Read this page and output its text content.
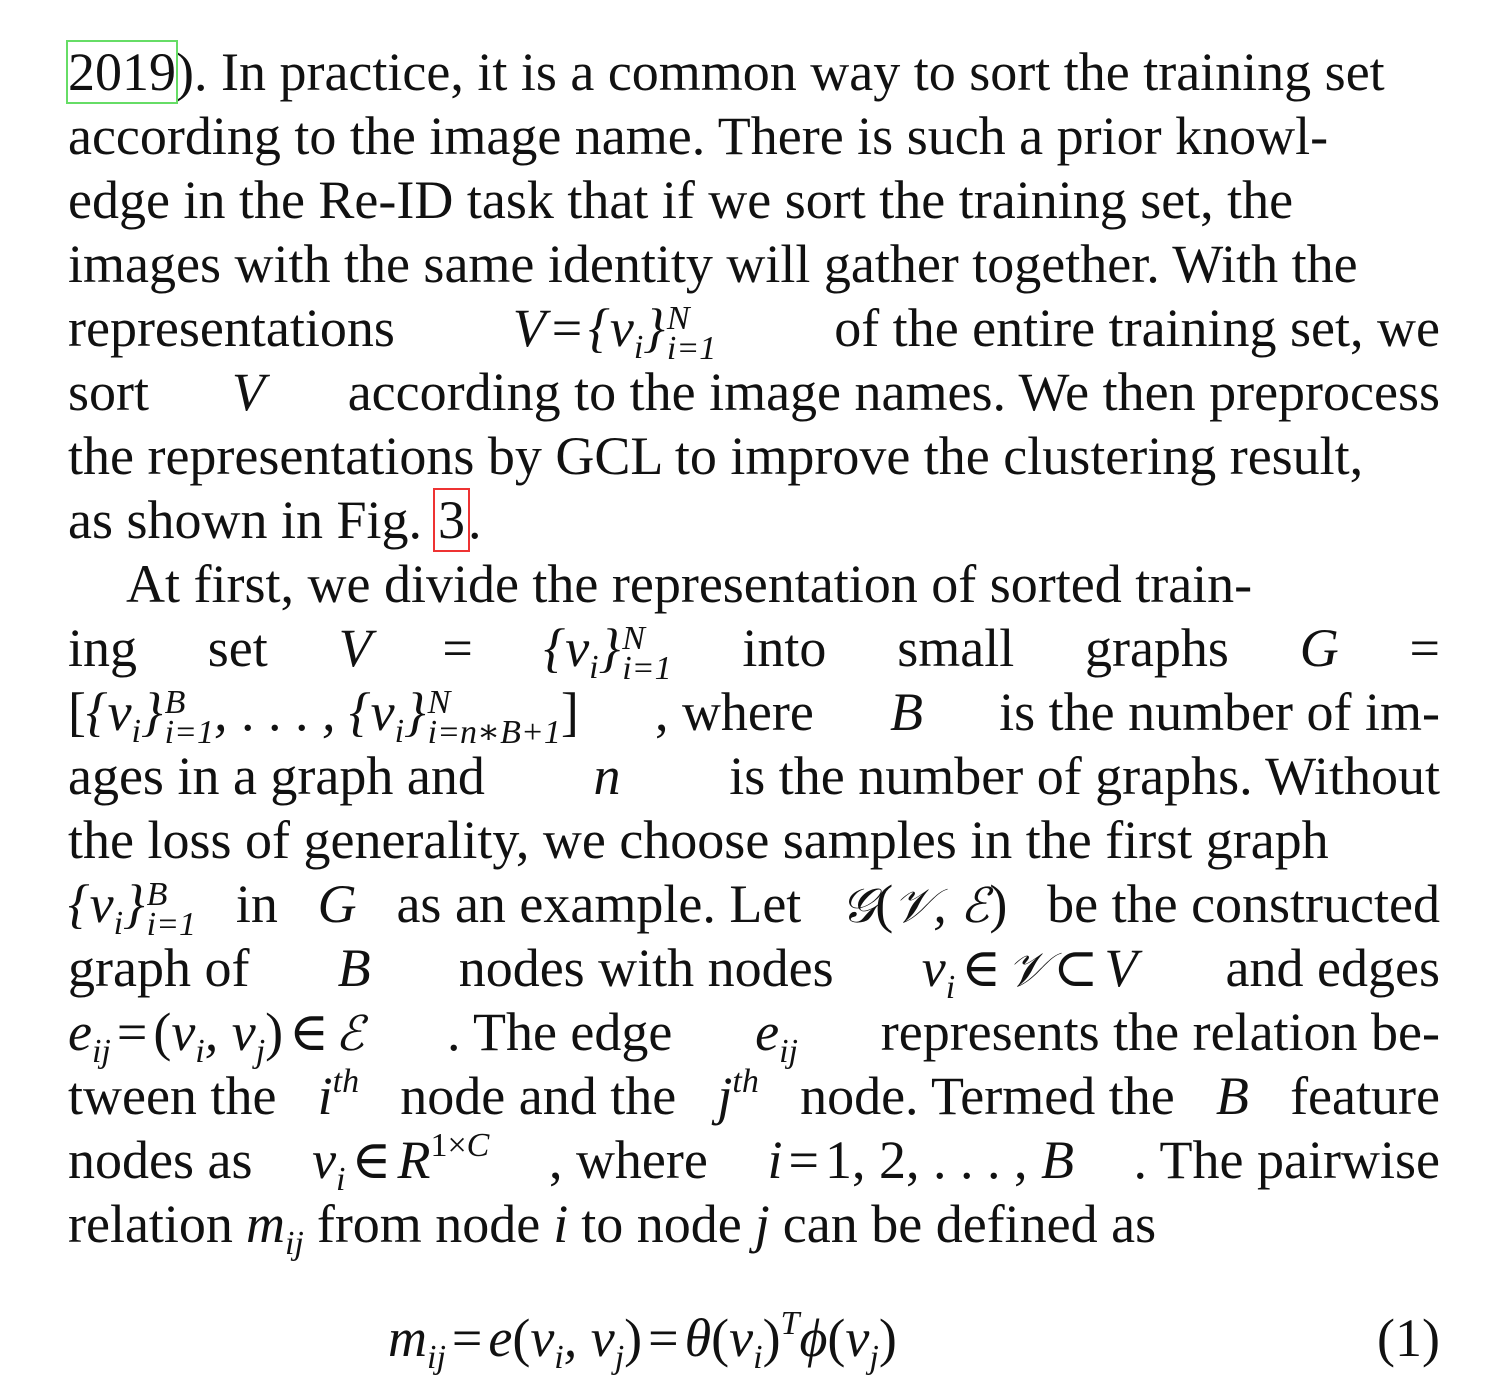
2019). In practice, it is a common way to sort the training set
according to the image name. There is such a prior knowl-
edge in the Re-ID task that if we sort the training set, the
images with the same identity will gather together. With the
representations $V = \{v_i\}$ N
i=1 of the entire training set, we
sort V according to the image names. We then preprocess
the representations by GCL to improve the clustering result,
as shown in Fig. 3.
At first, we divide the representation of sorted train-
ing set $V = \{v_i\}$ N
i=1 into small graphs G =
[$\{v_i\}$ B
i=1 , . . . , $\{v_i\}$ N
i=n∗B+1 ] , where B is the number of im-
ages in a graph and n is the number of graphs. Without
the loss of generality, we choose samples in the first graph
$\{v_i\}$ B
i=1 in G as an example. Let 𝒢(𝒱, ℰ) be the constructed
graph of B nodes with nodes $v_i$ ∈ 𝒱 ⊂ V and edges
$e_{ij} = (v_i$, $v_j$) ∈ ℰ . The edge $e_{ij}$ represents the relation be-
tween the $i^{th}$ node and the $j^{th}$ node. Termed the B feature
nodes as $v_i$ ∈ $R^{1\times C}$ , where i = 1, 2, . . . , B . The pairwise
relation $m_{ij}$ from node i to node j can be defined as
$m_{ij} = e(v_i$, $v_j) = \theta(v_i)^T\phi(v_j)$	(1)
